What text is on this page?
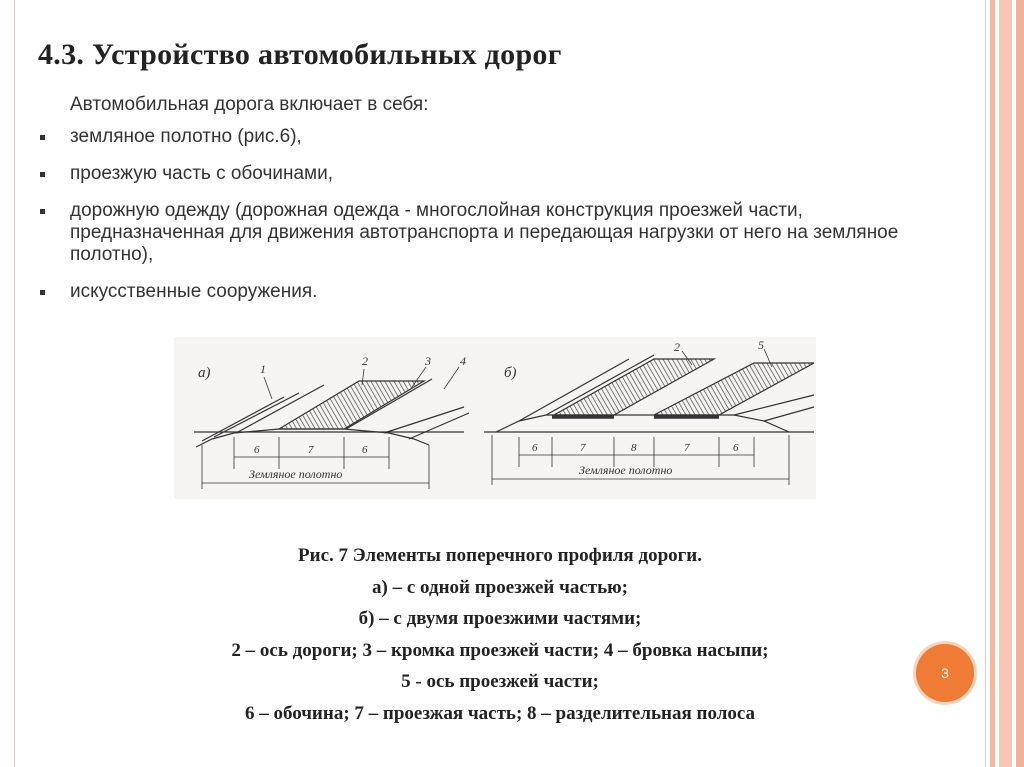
4.3. Устройство автомобильных дорог
Автомобильная дорога включает в себя:
земляное полотно (рис.6),
проезжую часть с обочинами,
дорожную одежду (дорожная одежда - многослойная конструкция проезжей части, предназначенная для движения автотранспорта и передающая нагрузки от него на земляное полотно),
искусственные сооружения.
а)	1
2	3 4
6	7	6
Земляное полотно
б)
2	5
6	7	8	7	6
Земляное полотно
Рис. 7 Элементы поперечного профиля дороги.
а) – с одной проезжей частью;
б) – с двумя проезжими частями;
2 – ось дороги; 3 – кромка проезжей части; 4 – бровка насыпи;
5 - ось проезжей части;
6 – обочина; 7 – проезжая часть; 8 – разделительная полоса
3
